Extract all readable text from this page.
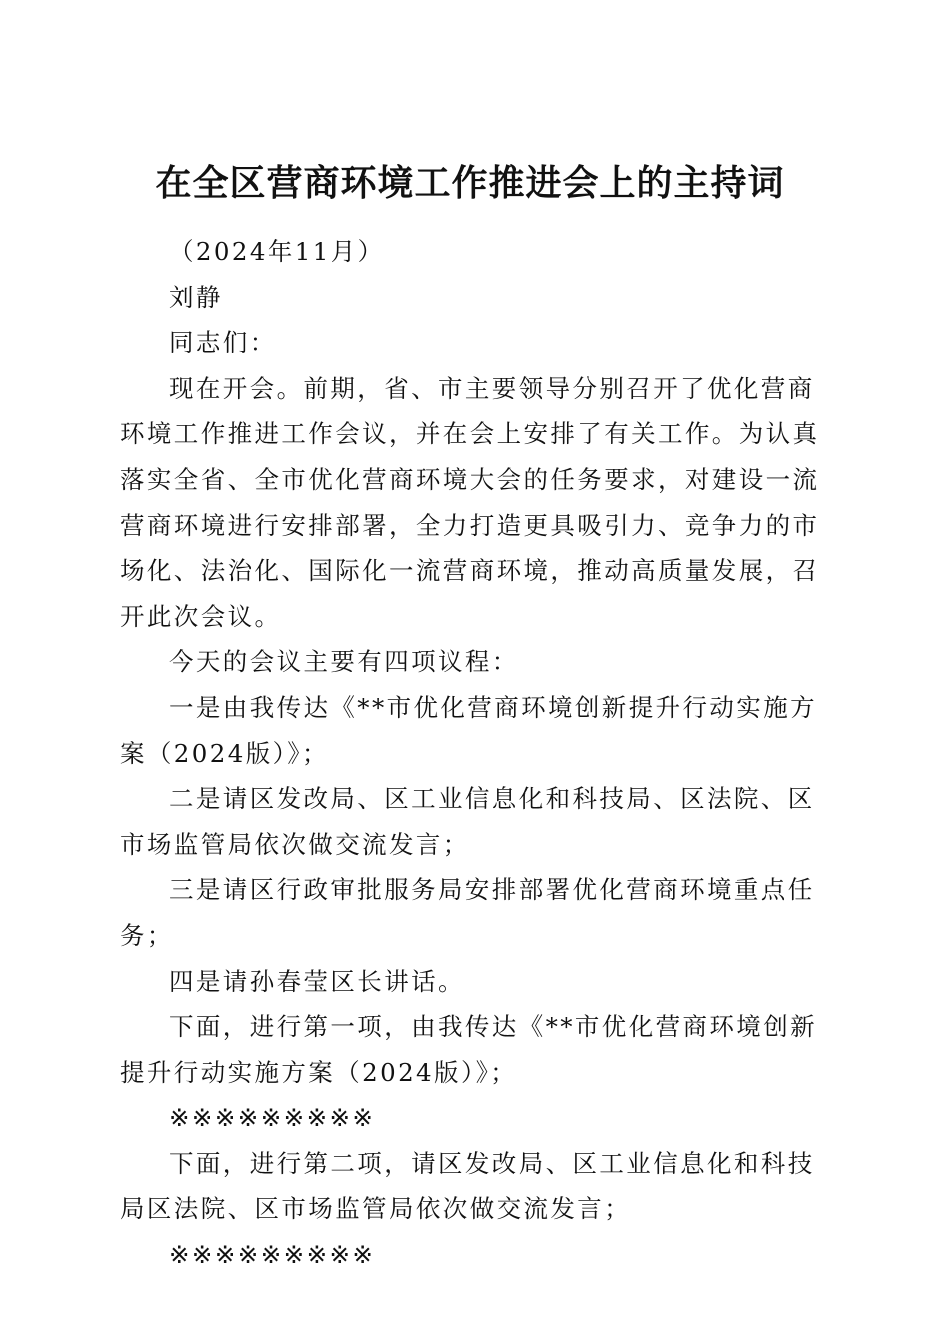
在全区营商环境工作推进会上的主持词

（2024年11月）

刘静

同志们：

现在开会。前期，省、市主要领导分别召开了优化营商环境工作推进工作会议，并在会上安排了有关工作。为认真落实全省、全市优化营商环境大会的任务要求，对建设一流营商环境进行安排部署，全力打造更具吸引力、竞争力的市场化、法治化、国际化一流营商环境，推动高质量发展，召开此次会议。

今天的会议主要有四项议程：

一是由我传达《**市优化营商环境创新提升行动实施方案（2024版）》；

二是请区发改局、区工业信息化和科技局、区法院、区市场监管局依次做交流发言；

三是请区行政审批服务局安排部署优化营商环境重点任务；

四是请孙春莹区长讲话。

下面，进行第一项，由我传达《**市优化营商环境创新提升行动实施方案（2024版）》；

※※※※※※※※※

下面，进行第二项，请区发改局、区工业信息化和科技局区法院、区市场监管局依次做交流发言；

※※※※※※※※※
